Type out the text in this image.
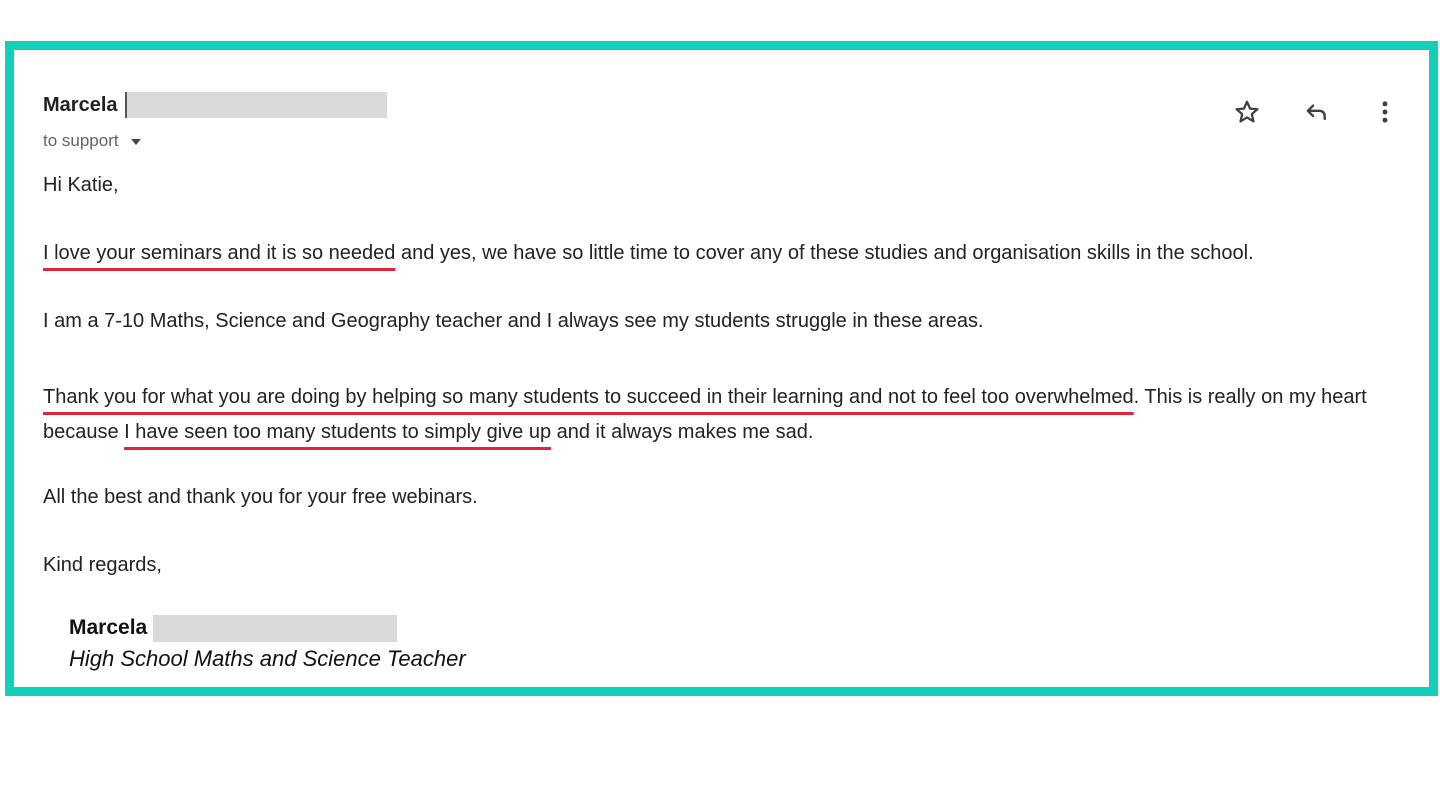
Marcela
to support

Hi Katie,

I love your seminars and it is so needed and yes, we have so little time to cover any of these studies and organisation skills in the school.

I am a 7-10 Maths, Science and Geography teacher and I always see my students struggle in these areas.

Thank you for what you are doing by helping so many students to succeed in their learning and not to feel too overwhelmed. This is really on my heart because I have seen too many students to simply give up and it always makes me sad.

All the best and thank you for your free webinars.

Kind regards,

Marcela
High School Maths and Science Teacher
